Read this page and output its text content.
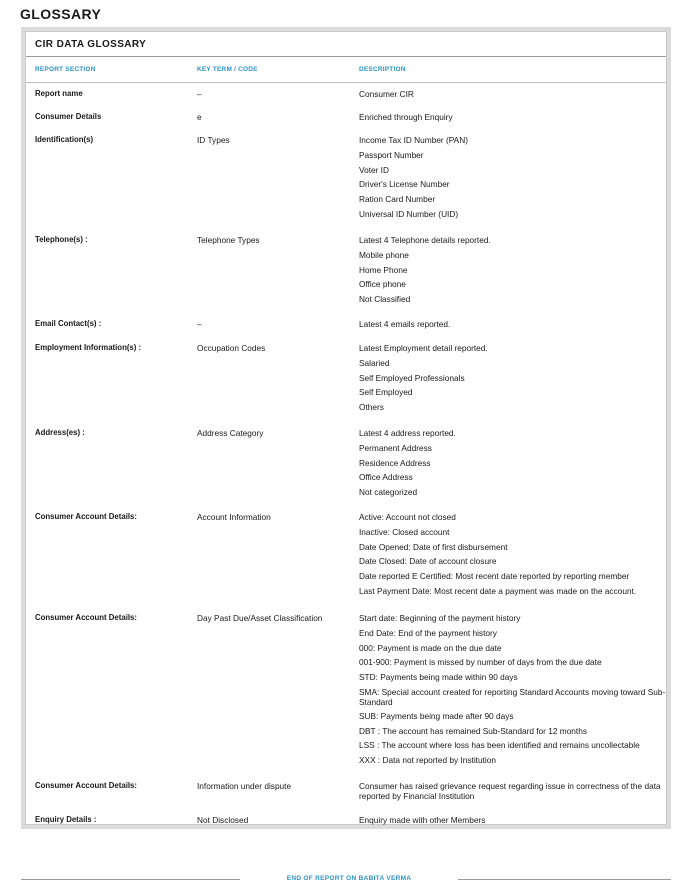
GLOSSARY
CIR DATA GLOSSARY
REPORT SECTION	KEY TERM / CODE	DESCRIPTION
Report name	–	Consumer CIR
Consumer Details	e	Enriched through Enquiry
Identification(s)	ID Types	Income Tax ID Number (PAN)
Passport Number
Voter ID
Driver's License Number
Ration Card Number
Universal ID Number (UID)
Telephone(s) :	Telephone Types	Latest 4 Telephone details reported.
Mobile phone
Home Phone
Office phone
Not Classified
Email Contact(s) :	–	Latest 4 emails reported.
Employment Information(s) :	Occupation Codes	Latest Employment detail reported.
Salaried
Self Employed Professionals
Self Employed
Others
Address(es) :	Address Category	Latest 4 address reported.
Permanent Address
Residence Address
Office Address
Not categorized
Consumer Account Details:	Account Information	Active: Account not closed
Inactive: Closed account
Date Opened: Date of first disbursement
Date Closed: Date of account closure
Date reported E Certified: Most recent date reported by reporting member
Last Payment Date: Most recent date a payment was made on the account.
Consumer Account Details:	Day Past Due/Asset Classification	Start date: Beginning of the payment history
End Date: End of the payment history
000: Payment is made on the due date
001-900: Payment is missed by number of days from the due date
STD: Payments being made within 90 days
SMA: Special account created for reporting Standard Accounts moving toward Sub-Standard
SUB: Payments being made after 90 days
DBT : The account has remained Sub-Standard for 12 months
LSS : The account where loss has been identified and remains uncollectable
XXX : Data not reported by Institution
Consumer Account Details:	Information under dispute	Consumer has raised grievance request regarding issue in correctness of the data reported by Financial Institution
Enquiry Details :	Not Disclosed	Enquiry made with other Members
END OF REPORT ON BABITA VERMA
